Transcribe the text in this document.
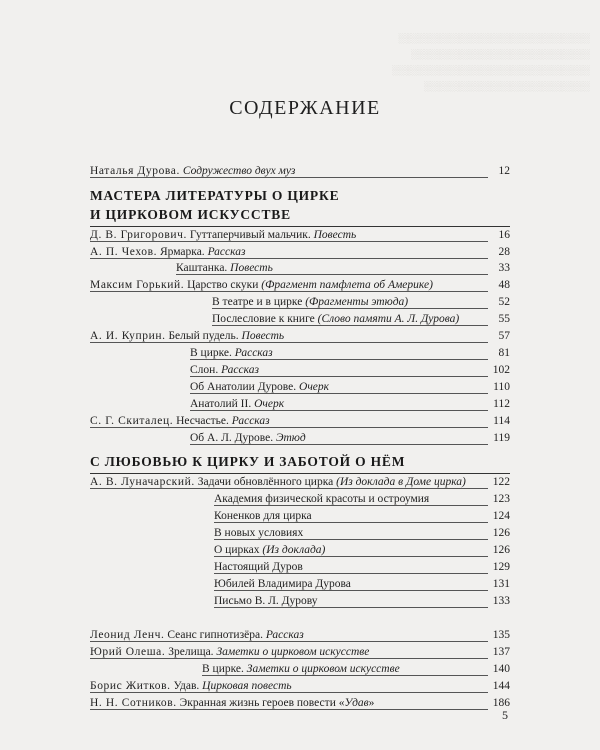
░░░░░░░░░░░░░░░░░░░░░░░░░░░░░░
░░░░░░░░░░░░░░░░░░░░░░░░░░░░
░░░░░░░░░░░░░░░░░░░░░░░░░░░░░░░
░░░░░░░░░░░░░░░░░░░░░░░░░░
СОДЕРЖАНИЕ
Наталья Дурова. Содружество двух муз	12
МАСТЕРА ЛИТЕРАТУРЫ О ЦИРКЕ
И ЦИРКОВОМ ИСКУССТВЕ
Д. В. Григорович. Гуттаперчивый мальчик. Повесть	16
А. П. Чехов. Ярмарка. Рассказ	28
Каштанка. Повесть	33
Максим Горький. Царство скуки (Фрагмент памфлета об Америке)	48
В театре и в цирке (Фрагменты этюда)	52
Послесловие к книге (Слово памяти А. Л. Дурова)	55
А. И. Куприн. Белый пудель. Повесть	57
В цирке. Рассказ	81
Слон. Рассказ	102
Об Анатолии Дурове. Очерк	110
Анатолий II. Очерк	112
С. Г. Скиталец. Несчастье. Рассказ	114
Об А. Л. Дурове. Этюд	119
С ЛЮБОВЬЮ К ЦИРКУ И ЗАБОТОЙ О НЁМ
А. В. Луначарский. Задачи обновлённого цирка (Из доклада в Доме цирка) 122
Академия физической красоты и остроумия	123
Коненков для цирка	124
В новых условиях	126
О цирках (Из доклада)	126
Настоящий Дуров	129
Юбилей Владимира Дурова	131
Письмо В. Л. Дурову	133
Леонид Ленч. Сеанс гипнотизёра. Рассказ	135
Юрий Олеша. Зрелища. Заметки о цирковом искусстве	137
В цирке. Заметки о цирковом искусстве	140
Борис Житков. Удав. Цирковая повесть	144
Н. Н. Сотников. Экранная жизнь героев повести «Удав»	186
5
